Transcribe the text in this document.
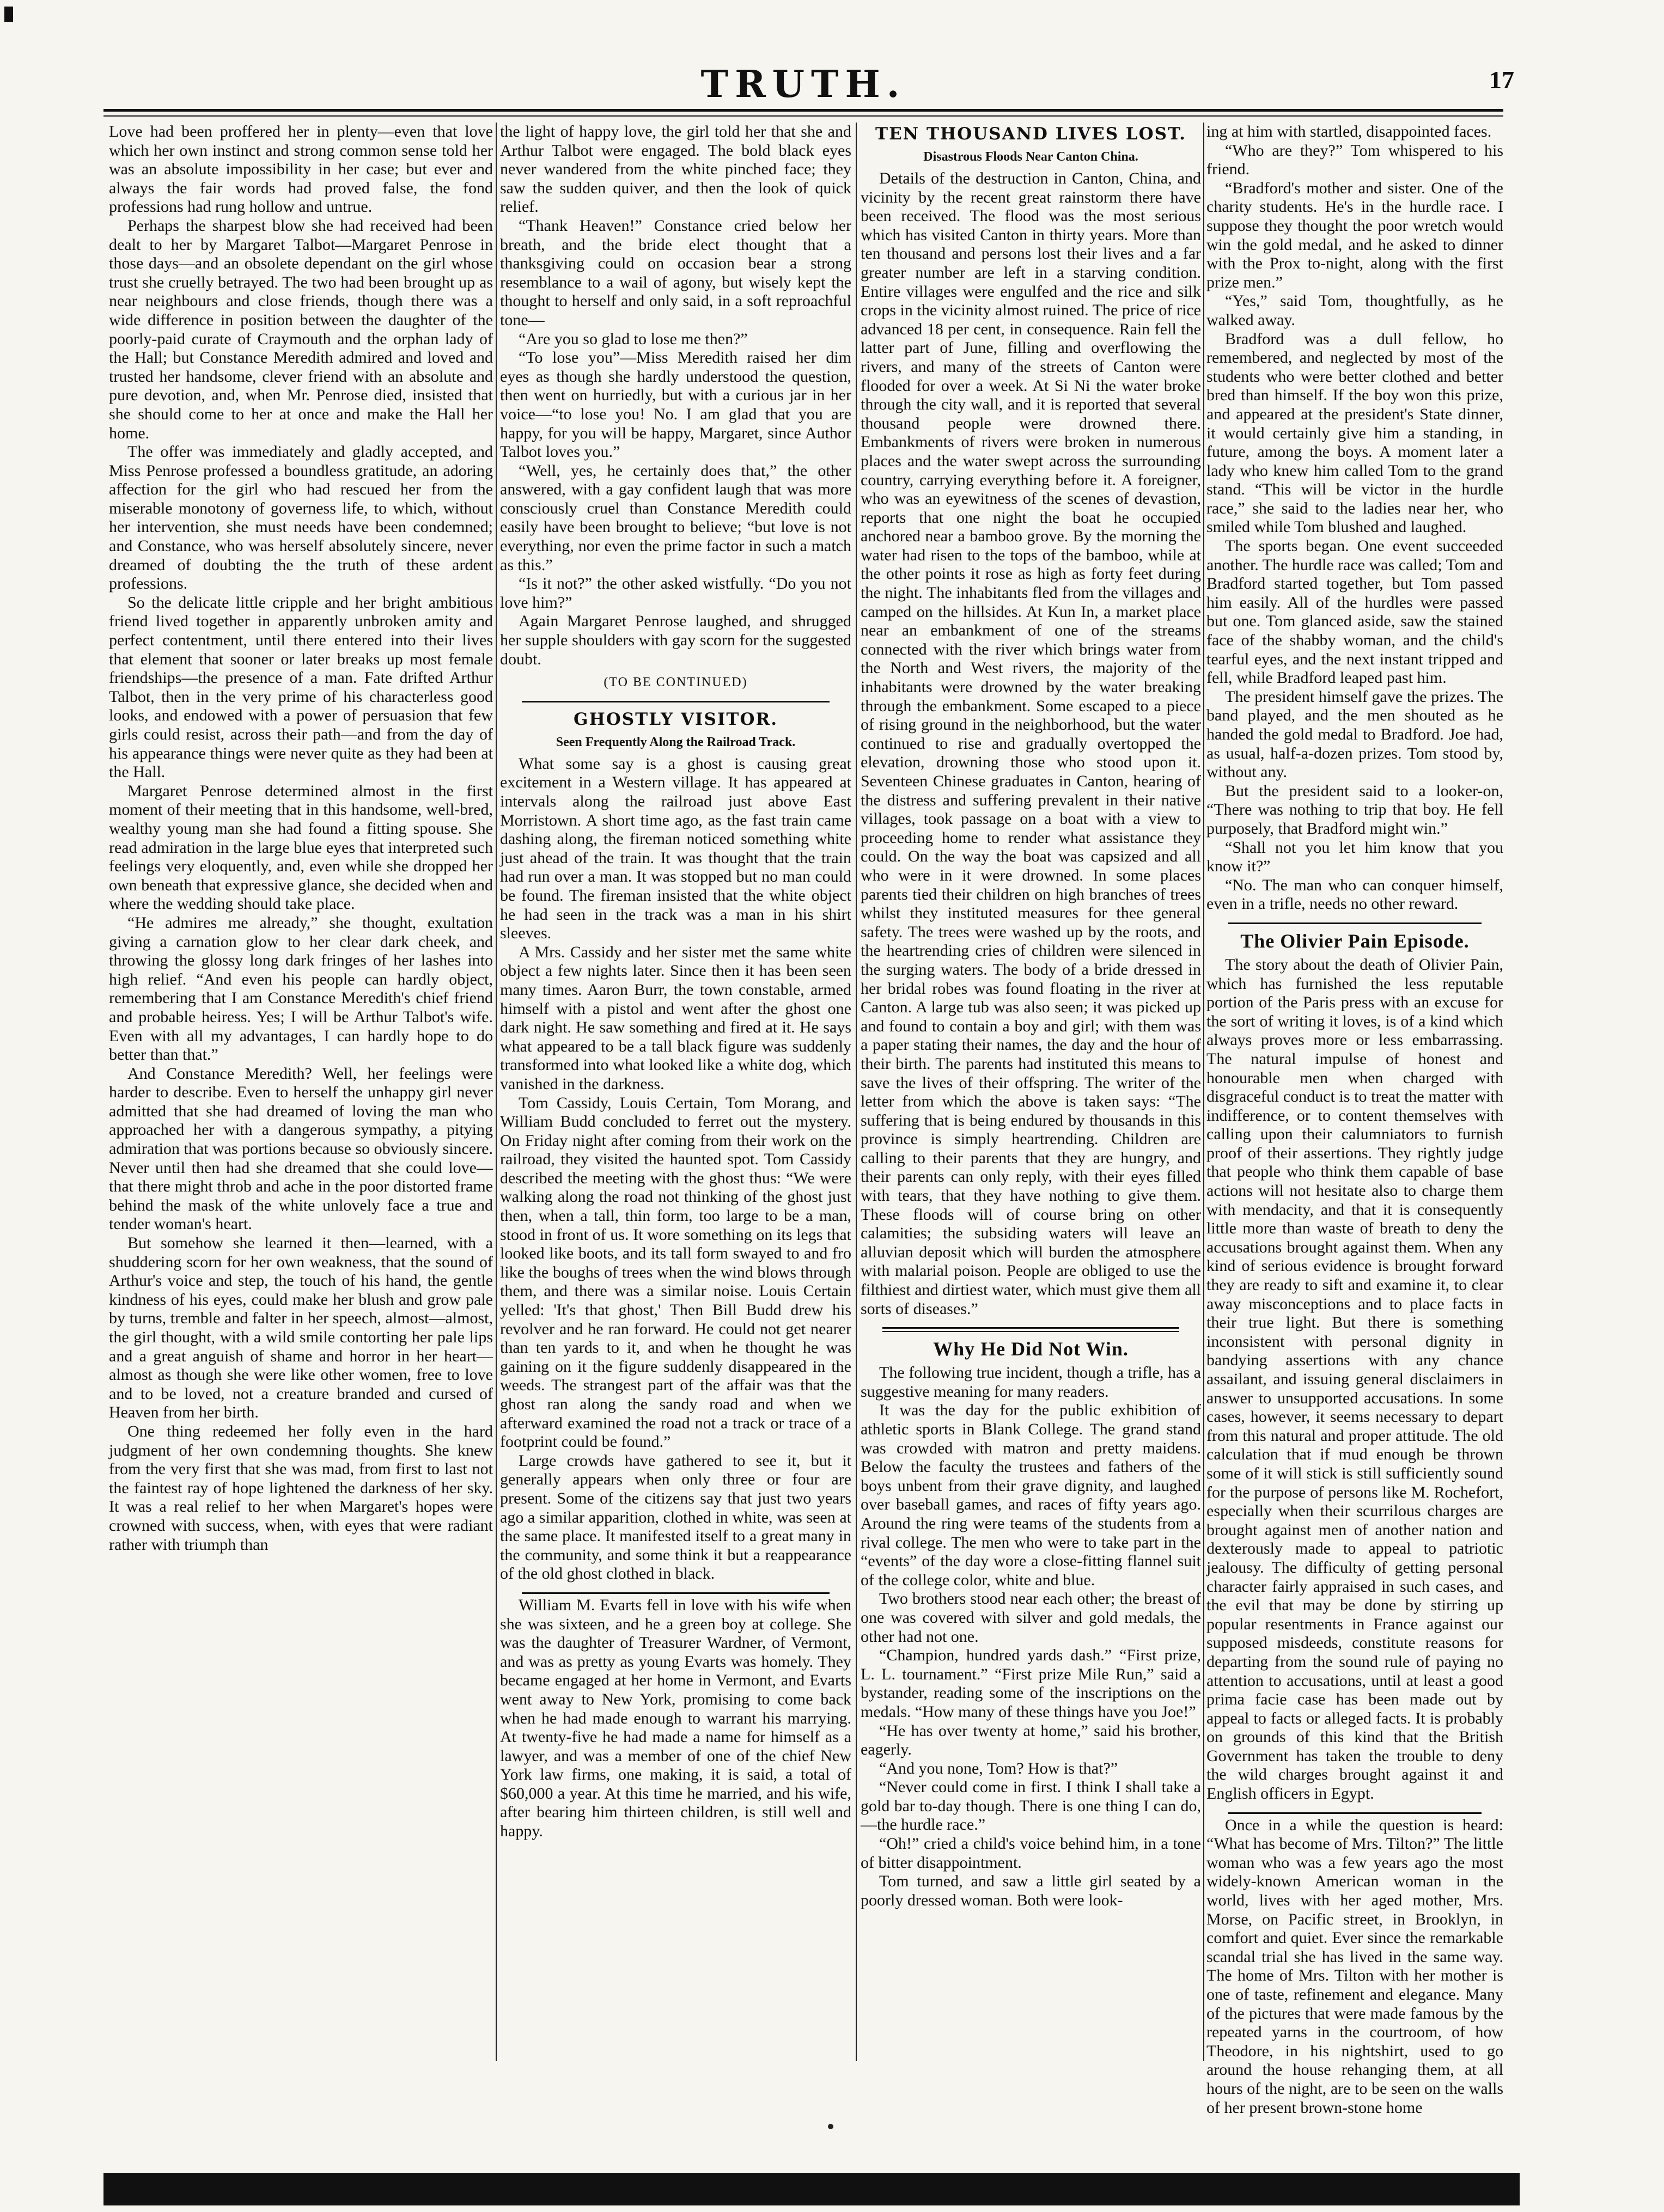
TRUTH.	17

Love had been proffered her in plenty—even that love which her own instinct and strong common sense told her was an absolute impossibility in her case; but ever and always the fair words had proved false, the fond professions had rung hollow and untrue.

Perhaps the sharpest blow she had received had been dealt to her by Margaret Talbot—Margaret Penrose in those days—and an obsolete dependant on the girl whose trust she cruelly betrayed. The two had been brought up as near neighbours and close friends, though there was a wide difference in position between the daughter of the poorly-paid curate of Craymouth and the orphan lady of the Hall; but Constance Meredith admired and loved and trusted her handsome, clever friend with an absolute and pure devotion, and, when Mr. Penrose died, insisted that she should come to her at once and make the Hall her home.

The offer was immediately and gladly accepted, and Miss Penrose professed a boundless gratitude, an adoring affection for the girl who had rescued her from the miserable monotony of governess life, to which, without her intervention, she must needs have been condemned; and Constance, who was herself absolutely sincere, never dreamed of doubting the the truth of these ardent professions.

So the delicate little cripple and her bright ambitious friend lived together in apparently unbroken amity and perfect contentment, until there entered into their lives that element that sooner or later breaks up most female friendships—the presence of a man. Fate drifted Arthur Talbot, then in the very prime of his characterless good looks, and endowed with a power of persuasion that few girls could resist, across their path—and from the day of his appearance things were never quite as they had been at the Hall.

Margaret Penrose determined almost in the first moment of their meeting that in this handsome, well-bred, wealthy young man she had found a fitting spouse. She read admiration in the large blue eyes that interpreted such feelings very eloquently, and, even while she dropped her own beneath that expressive glance, she decided when and where the wedding should take place.

“He admires me already,” she thought, exultation giving a carnation glow to her clear dark cheek, and throwing the glossy long dark fringes of her lashes into high relief. “And even his people can hardly object, remembering that I am Constance Meredith's chief friend and probable heiress. Yes; I will be Arthur Talbot's wife. Even with all my advantages, I can hardly hope to do better than that.”

And Constance Meredith? Well, her feelings were harder to describe. Even to herself the unhappy girl never admitted that she had dreamed of loving the man who approached her with a dangerous sympathy, a pitying admiration that was portions because so obviously sincere. Never until then had she dreamed that she could love—that there might throb and ache in the poor distorted frame behind the mask of the white unlovely face a true and tender woman's heart.

But somehow she learned it then—learned, with a shuddering scorn for her own weakness, that the sound of Arthur's voice and step, the touch of his hand, the gentle kindness of his eyes, could make her blush and grow pale by turns, tremble and falter in her speech, almost—almost, the girl thought, with a wild smile contorting her pale lips and a great anguish of shame and horror in her heart—almost as though she were like other women, free to love and to be loved, not a creature branded and cursed of Heaven from her birth.

One thing redeemed her folly even in the hard judgment of her own condemning thoughts. She knew from the very first that she was mad, from first to last not the faintest ray of hope lightened the darkness of her sky. It was a real relief to her when Margaret's hopes were crowned with success, when, with eyes that were radiant rather with triumph than

the light of happy love, the girl told her that she and Arthur Talbot were engaged. The bold black eyes never wandered from the white pinched face; they saw the sudden quiver, and then the look of quick relief.

“Thank Heaven!” Constance cried below her breath, and the bride elect thought that a thanksgiving could on occasion bear a strong resemblance to a wail of agony, but wisely kept the thought to herself and only said, in a soft reproachful tone—

“Are you so glad to lose me then?”

“To lose you”—Miss Meredith raised her dim eyes as though she hardly understood the question, then went on hurriedly, but with a curious jar in her voice—“to lose you! No. I am glad that you are happy, for you will be happy, Margaret, since Author Talbot loves you.”

“Well, yes, he certainly does that,” the other answered, with a gay confident laugh that was more consciously cruel than Constance Meredith could easily have been brought to believe; “but love is not everything, nor even the prime factor in such a match as this.”

“Is it not?” the other asked wistfully. “Do you not love him?”

Again Margaret Penrose laughed, and shrugged her supple shoulders with gay scorn for the suggested doubt.

(TO BE CONTINUED)
GHOSTLY VISITOR.
Seen Frequently Along the Railroad Track.

What some say is a ghost is causing great excitement in a Western village. It has appeared at intervals along the railroad just above East Morristown. A short time ago, as the fast train came dashing along, the fireman noticed something white just ahead of the train. It was thought that the train had run over a man. It was stopped but no man could be found. The fireman insisted that the white object he had seen in the track was a man in his shirt sleeves.

A Mrs. Cassidy and her sister met the same white object a few nights later. Since then it has been seen many times. Aaron Burr, the town constable, armed himself with a pistol and went after the ghost one dark night. He saw something and fired at it. He says what appeared to be a tall black figure was suddenly transformed into what looked like a white dog, which vanished in the darkness.

Tom Cassidy, Louis Certain, Tom Morang, and William Budd concluded to ferret out the mystery. On Friday night after coming from their work on the railroad, they visited the haunted spot. Tom Cassidy described the meeting with the ghost thus: “We were walking along the road not thinking of the ghost just then, when a tall, thin form, too large to be a man, stood in front of us. It wore something on its legs that looked like boots, and its tall form swayed to and fro like the boughs of trees when the wind blows through them, and there was a similar noise. Louis Certain yelled: 'It's that ghost,' Then Bill Budd drew his revolver and he ran forward. He could not get nearer than ten yards to it, and when he thought he was gaining on it the figure suddenly disappeared in the weeds. The strangest part of the affair was that the ghost ran along the sandy road and when we afterward examined the road not a track or trace of a footprint could be found.”

Large crowds have gathered to see it, but it generally appears when only three or four are present. Some of the citizens say that just two years ago a similar apparition, clothed in white, was seen at the same place. It manifested itself to a great many in the community, and some think it but a reappearance of the old ghost clothed in black.

William M. Evarts fell in love with his wife when she was sixteen, and he a green boy at college. She was the daughter of Treasurer Wardner, of Vermont, and was as pretty as young Evarts was homely. They became engaged at her home in Vermont, and Evarts went away to New York, promising to come back when he had made enough to warrant his marrying. At twenty-five he had made a name for himself as a lawyer, and was a member of one of the chief New York law firms, one making, it is said, a total of $60,000 a year. At this time he married, and his wife, after bearing him thirteen children, is still well and happy.

TEN THOUSAND LIVES LOST.
Disastrous Floods Near Canton China.

Details of the destruction in Canton, China, and vicinity by the recent great rainstorm there have been received. The flood was the most serious which has visited Canton in thirty years. More than ten thousand and persons lost their lives and a far greater number are left in a starving condition. Entire villages were engulfed and the rice and silk crops in the vicinity almost ruined. The price of rice advanced 18 per cent, in consequence. Rain fell the latter part of June, filling and overflowing the rivers, and many of the streets of Canton were flooded for over a week. At Si Ni the water broke through the city wall, and it is reported that several thousand people were drowned there. Embankments of rivers were broken in numerous places and the water swept across the surrounding country, carrying everything before it. A foreigner, who was an eyewitness of the scenes of devastion, reports that one night the boat he occupied anchored near a bamboo grove. By the morning the water had risen to the tops of the bamboo, while at the other points it rose as high as forty feet during the night. The inhabitants fled from the villages and camped on the hillsides. At Kun In, a market place near an embankment of one of the streams connected with the river which brings water from the North and West rivers, the majority of the inhabitants were drowned by the water breaking through the embankment. Some escaped to a piece of rising ground in the neighborhood, but the water continued to rise and gradually overtopped the elevation, drowning those who stood upon it. Seventeen Chinese graduates in Canton, hearing of the distress and suffering prevalent in their native villages, took passage on a boat with a view to proceeding home to render what assistance they could. On the way the boat was capsized and all who were in it were drowned. In some places parents tied their children on high branches of trees whilst they instituted measures for thee general safety. The trees were washed up by the roots, and the heartrending cries of children were silenced in the surging waters. The body of a bride dressed in her bridal robes was found floating in the river at Canton. A large tub was also seen; it was picked up and found to contain a boy and girl; with them was a paper stating their names, the day and the hour of their birth. The parents had instituted this means to save the lives of their offspring. The writer of the letter from which the above is taken says: “The suffering that is being endured by thousands in this province is simply heartrending. Children are calling to their parents that they are hungry, and their parents can only reply, with their eyes filled with tears, that they have nothing to give them. These floods will of course bring on other calamities; the subsiding waters will leave an alluvian deposit which will burden the atmosphere with malarial poison. People are obliged to use the filthiest and dirtiest water, which must give them all sorts of diseases.”

Why He Did Not Win.

The following true incident, though a trifle, has a suggestive meaning for many readers.

It was the day for the public exhibition of athletic sports in Blank College. The grand stand was crowded with matron and pretty maidens. Below the faculty the trustees and fathers of the boys unbent from their grave dignity, and laughed over baseball games, and races of fifty years ago. Around the ring were teams of the students from a rival college. The men who were to take part in the “events” of the day wore a close-fitting flannel suit of the college color, white and blue.

Two brothers stood near each other; the breast of one was covered with silver and gold medals, the other had not one.

“Champion, hundred yards dash.” “First prize, L. L. tournament.” “First prize Mile Run,” said a bystander, reading some of the inscriptions on the medals. “How many of these things have you Joe!”

“He has over twenty at home,” said his brother, eagerly.

“And you none, Tom? How is that?”

“Never could come in first. I think I shall take a gold bar to-day though. There is one thing I can do,—the hurdle race.”

“Oh!” cried a child's voice behind him, in a tone of bitter disappointment.

Tom turned, and saw a little girl seated by a poorly dressed woman. Both were look-

ing at him with startled, disappointed faces.

“Who are they?” Tom whispered to his friend.

“Bradford's mother and sister. One of the charity students. He's in the hurdle race. I suppose they thought the poor wretch would win the gold medal, and he asked to dinner with the Prox to-night, along with the first prize men.”

“Yes,” said Tom, thoughtfully, as he walked away.

Bradford was a dull fellow, ho remembered, and neglected by most of the students who were better clothed and better bred than himself. If the boy won this prize, and appeared at the president's State dinner, it would certainly give him a standing, in future, among the boys. A moment later a lady who knew him called Tom to the grand stand. “This will be victor in the hurdle race,” she said to the ladies near her, who smiled while Tom blushed and laughed.

The sports began. One event succeeded another. The hurdle race was called; Tom and Bradford started together, but Tom passed him easily. All of the hurdles were passed but one. Tom glanced aside, saw the stained face of the shabby woman, and the child's tearful eyes, and the next instant tripped and fell, while Bradford leaped past him.

The president himself gave the prizes. The band played, and the men shouted as he handed the gold medal to Bradford. Joe had, as usual, half-a-dozen prizes. Tom stood by, without any.

But the president said to a looker-on, “There was nothing to trip that boy. He fell purposely, that Bradford might win.”

“Shall not you let him know that you know it?”

“No. The man who can conquer himself, even in a trifle, needs no other reward.

The Olivier Pain Episode.

The story about the death of Olivier Pain, which has furnished the less reputable portion of the Paris press with an excuse for the sort of writing it loves, is of a kind which always proves more or less embarrassing. The natural impulse of honest and honourable men when charged with disgraceful conduct is to treat the matter with indifference, or to content themselves with calling upon their calumniators to furnish proof of their assertions. They rightly judge that people who think them capable of base actions will not hesitate also to charge them with mendacity, and that it is consequently little more than waste of breath to deny the accusations brought against them. When any kind of serious evidence is brought forward they are ready to sift and examine it, to clear away misconceptions and to place facts in their true light. But there is something inconsistent with personal dignity in bandying assertions with any chance assailant, and issuing general disclaimers in answer to unsupported accusations. In some cases, however, it seems necessary to depart from this natural and proper attitude. The old calculation that if mud enough be thrown some of it will stick is still sufficiently sound for the purpose of persons like M. Rochefort, especially when their scurrilous charges are brought against men of another nation and dexterously made to appeal to patriotic jealousy. The difficulty of getting personal character fairly appraised in such cases, and the evil that may be done by stirring up popular resentments in France against our supposed misdeeds, constitute reasons for departing from the sound rule of paying no attention to accusations, until at least a good prima facie case has been made out by appeal to facts or alleged facts. It is probably on grounds of this kind that the British Government has taken the trouble to deny the wild charges brought against it and English officers in Egypt.

Once in a while the question is heard: “What has become of Mrs. Tilton?” The little woman who was a few years ago the most widely-known American woman in the world, lives with her aged mother, Mrs. Morse, on Pacific street, in Brooklyn, in comfort and quiet. Ever since the remarkable scandal trial she has lived in the same way. The home of Mrs. Tilton with her mother is one of taste, refinement and elegance. Many of the pictures that were made famous by the repeated yarns in the courtroom, of how Theodore, in his nightshirt, used to go around the house rehanging them, at all hours of the night, are to be seen on the walls of her present brown-stone home
